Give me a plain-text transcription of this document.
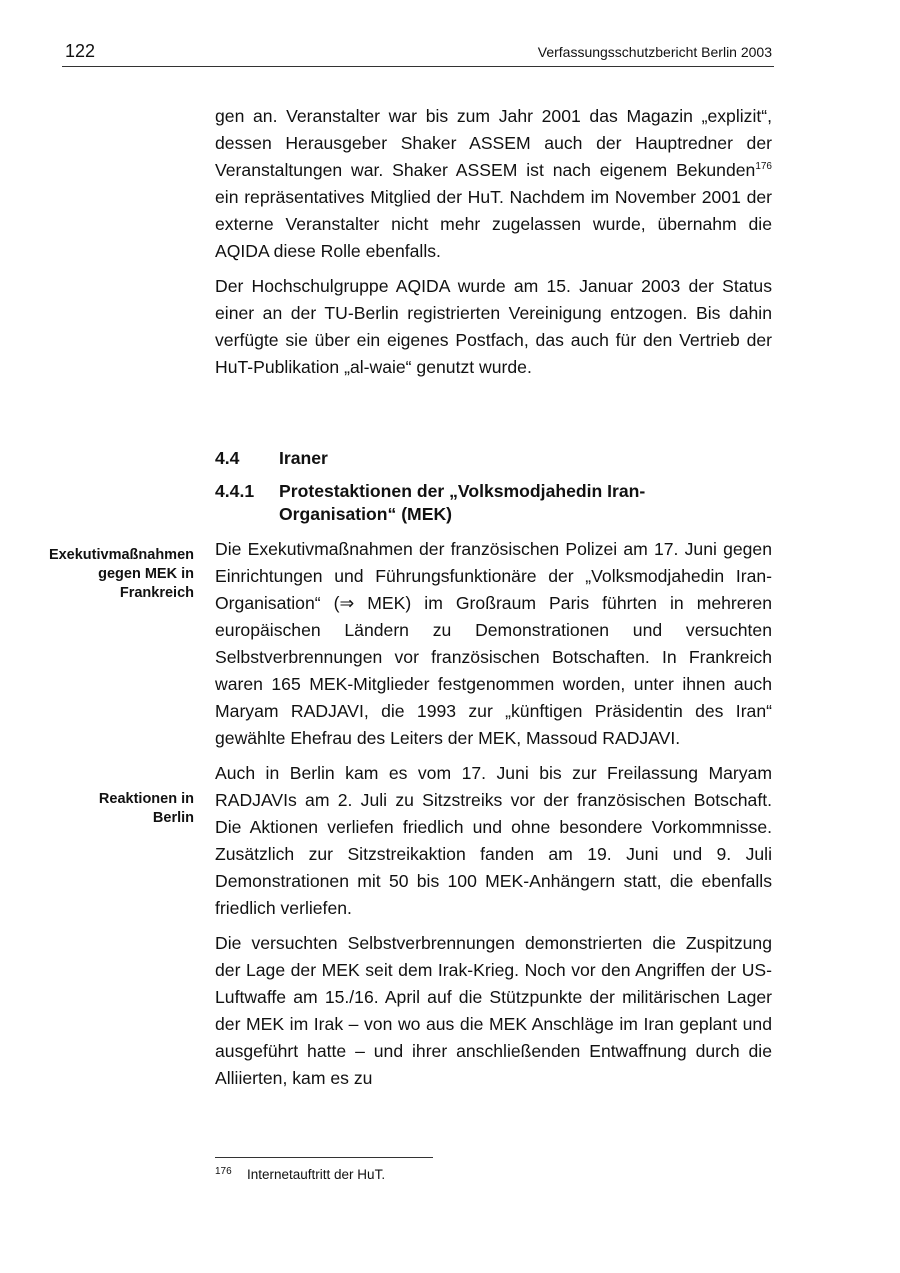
122	Verfassungsschutzbericht Berlin 2003

gen an. Veranstalter war bis zum Jahr 2001 das Magazin „explizit“, dessen Herausgeber Shaker ASSEM auch der Hauptredner der Veranstaltungen war. Shaker ASSEM ist nach eigenem Bekunden$^{176}$ ein repräsentatives Mitglied der HuT. Nachdem im November 2001 der externe Veranstalter nicht mehr zugelassen wurde, übernahm die AQIDA diese Rolle ebenfalls.

Der Hochschulgruppe AQIDA wurde am 15. Januar 2003 der Status einer an der TU-Berlin registrierten Vereinigung entzogen. Bis dahin verfügte sie über ein eigenes Postfach, das auch für den Vertrieb der HuT-Publikation „al-waie“ genutzt wurde.

4.4 Iraner
4.4.1 Protestaktionen der „Volksmodjahedin Iran-
Organisation“ (MEK)
Exekutivmaßnahmen
gegen MEK in
Frankreich

Die Exekutivmaßnahmen der französischen Polizei am 17. Juni gegen Einrichtungen und Führungsfunktionäre der „Volksmodjahedin Iran-Organisation“ (⇒ MEK) im Großraum Paris führten in mehreren europäischen Ländern zu Demonstrationen und versuchten Selbstverbrennungen vor französischen Botschaften. In Frankreich waren 165 MEK-Mitglieder festgenommen worden, unter ihnen auch Maryam RADJAVI, die 1993 zur „künftigen Präsidentin des Iran“ gewählte Ehefrau des Leiters der MEK, Massoud RADJAVI.

Auch in Berlin kam es vom 17. Juni bis zur Freilassung Maryam RADJAVIs am 2. Juli zu Sitzstreiks vor der französischen Botschaft. Die Aktionen verliefen friedlich und ohne besondere Vorkommnisse. Zusätzlich zur Sitzstreikaktion fanden am 19. Juni und 9. Juli Demonstrationen mit 50 bis 100 MEK-Anhängern statt, die ebenfalls friedlich verliefen.

Die versuchten Selbstverbrennungen demonstrierten die Zuspitzung der Lage der MEK seit dem Irak-Krieg. Noch vor den Angriffen der US-Luftwaffe am 15./16. April auf die Stützpunkte der militärischen Lager der MEK im Irak – von wo aus die MEK Anschläge im Iran geplant und ausgeführt hatte – und ihrer anschließenden Entwaffnung durch die Alliierten, kam es zu

Reaktionen in
Berlin
176 Internetauftritt der HuT.
